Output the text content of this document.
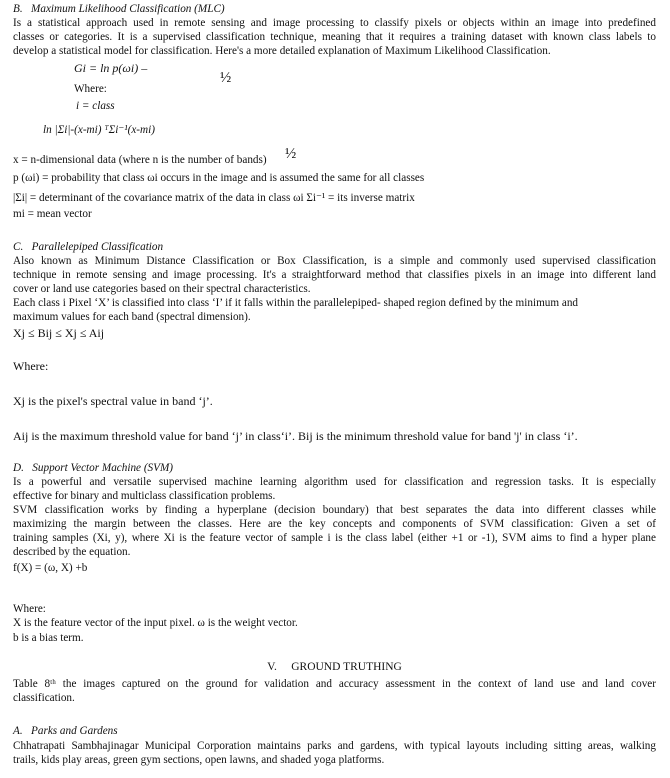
B. Maximum Likelihood Classification (MLC)
Is a statistical approach used in remote sensing and image processing to classify pixels or objects within an image into predefined
classes or categories. It is a supervised classification technique, meaning that it requires a training dataset with known class labels to
develop a statistical model for classification. Here's a more detailed explanation of Maximum Likelihood Classification.
Gi = ln p(ωi) –
½
Where:
i = class
ln |Σi|-(x-mi) ᵀΣi⁻¹(x-mi)
x = n-dimensional data (where n is the number of bands) ½
p (ωi) = probability that class ωi occurs in the image and is assumed the same for all classes
|Σi| = determinant of the covariance matrix of the data in class ωi Σi⁻¹ = its inverse matrix
mi = mean vector
C. Parallelepiped Classification
Also known as Minimum Distance Classification or Box Classification, is a simple and commonly used supervised classification
technique in remote sensing and image processing. It's a straightforward method that classifies pixels in an image into different land
cover or land use categories based on their spectral characteristics.
Each class i Pixel ‘X’ is classified into class ‘I’ if it falls within the parallelepiped- shaped region defined by the minimum and
maximum values for each band (spectral dimension).
Xj ≤ Bij ≤ Xj ≤ Aij
Where:
Xj is the pixel's spectral value in band ‘j’.
Aij is the maximum threshold value for band ‘j’ in class‘i’. Bij is the minimum threshold value for band 'j' in class ‘i’.
D. Support Vector Machine (SVM)
Is a powerful and versatile supervised machine learning algorithm used for classification and regression tasks. It is especially
effective for binary and multiclass classification problems.
SVM classification works by finding a hyperplane (decision boundary) that best separates the data into different classes while
maximizing the margin between the classes. Here are the key concepts and components of SVM classification: Given a set of
training samples (Xi, y), where Xi is the feature vector of sample i is the class label (either +1 or -1), SVM aims to find a hyper plane
described by the equation.
f(X) = (ω, X) +b
Where:
X is the feature vector of the input pixel. ω is the weight vector.
b is a bias term.
V. GROUND TRUTHING
Table 8ᵗʰ the images captured on the ground for validation and accuracy assessment in the context of land use and land cover
classification.
A. Parks and Gardens
Chhatrapati Sambhajinagar Municipal Corporation maintains parks and gardens, with typical layouts including sitting areas, walking
trails, kids play areas, green gym sections, open lawns, and shaded yoga platforms.
